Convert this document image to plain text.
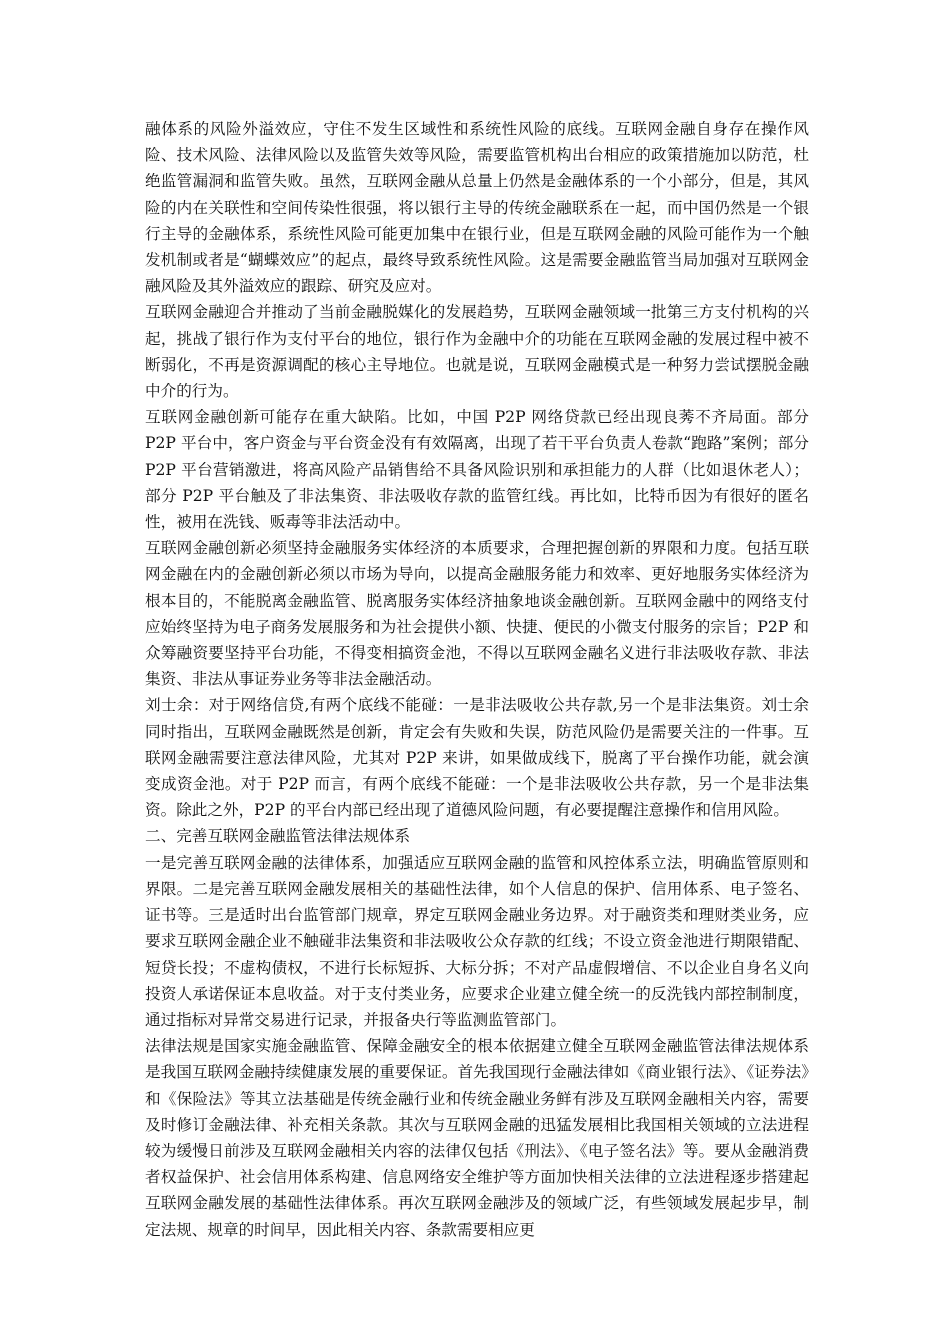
融体系的风险外溢效应，守住不发生区域性和系统性风险的底线。互联网金融自身存在操作风险、技术风险、法律风险以及监管失效等风险，需要监管机构出台相应的政策措施加以防范，杜绝监管漏洞和监管失败。虽然，互联网金融从总量上仍然是金融体系的一个小部分，但是，其风险的内在关联性和空间传染性很强，将以银行主导的传统金融联系在一起，而中国仍然是一个银行主导的金融体系，系统性风险可能更加集中在银行业，但是互联网金融的风险可能作为一个触发机制或者是“蝴蝶效应”的起点，最终导致系统性风险。这是需要金融监管当局加强对互联网金融风险及其外溢效应的跟踪、研究及应对。

互联网金融迎合并推动了当前金融脱媒化的发展趋势，互联网金融领域一批第三方支付机构的兴起，挑战了银行作为支付平台的地位，银行作为金融中介的功能在互联网金融的发展过程中被不断弱化，不再是资源调配的核心主导地位。也就是说，互联网金融模式是一种努力尝试摆脱金融中介的行为。

互联网金融创新可能存在重大缺陷。比如，中国 P2P 网络贷款已经出现良莠不齐局面。部分 P2P 平台中，客户资金与平台资金没有有效隔离，出现了若干平台负责人卷款“跑路”案例；部分 P2P 平台营销激进，将高风险产品销售给不具备风险识别和承担能力的人群（比如退休老人）；部分 P2P 平台触及了非法集资、非法吸收存款的监管红线。再比如，比特币因为有很好的匿名性，被用在洗钱、贩毒等非法活动中。

互联网金融创新必须坚持金融服务实体经济的本质要求，合理把握创新的界限和力度。包括互联网金融在内的金融创新必须以市场为导向，以提高金融服务能力和效率、更好地服务实体经济为根本目的，不能脱离金融监管、脱离服务实体经济抽象地谈金融创新。互联网金融中的网络支付应始终坚持为电子商务发展服务和为社会提供小额、快捷、便民的小微支付服务的宗旨；P2P 和众筹融资要坚持平台功能，不得变相搞资金池，不得以互联网金融名义进行非法吸收存款、非法集资、非法从事证券业务等非法金融活动。

刘士余：对于网络信贷,有两个底线不能碰：一是非法吸收公共存款,另一个是非法集资。刘士余同时指出，互联网金融既然是创新，肯定会有失败和失误，防范风险仍是需要关注的一件事。互联网金融需要注意法律风险，尤其对 P2P 来讲，如果做成线下，脱离了平台操作功能，就会演变成资金池。对于 P2P 而言，有两个底线不能碰：一个是非法吸收公共存款，另一个是非法集资。除此之外，P2P 的平台内部已经出现了道德风险问题，有必要提醒注意操作和信用风险。

二、完善互联网金融监管法律法规体系

一是完善互联网金融的法律体系，加强适应互联网金融的监管和风控体系立法，明确监管原则和界限。二是完善互联网金融发展相关的基础性法律，如个人信息的保护、信用体系、电子签名、证书等。三是适时出台监管部门规章，界定互联网金融业务边界。对于融资类和理财类业务，应要求互联网金融企业不触碰非法集资和非法吸收公众存款的红线；不设立资金池进行期限错配、短贷长投；不虚构债权，不进行长标短拆、大标分拆；不对产品虚假增信、不以企业自身名义向投资人承诺保证本息收益。对于支付类业务，应要求企业建立健全统一的反洗钱内部控制制度，通过指标对异常交易进行记录，并报备央行等监测监管部门。

法律法规是国家实施金融监管、保障金融安全的根本依据建立健全互联网金融监管法律法规体系是我国互联网金融持续健康发展的重要保证。首先我国现行金融法律如《商业银行法》、《证券法》和《保险法》等其立法基础是传统金融行业和传统金融业务鲜有涉及互联网金融相关内容，需要及时修订金融法律、补充相关条款。其次与互联网金融的迅猛发展相比我国相关领域的立法进程较为缓慢日前涉及互联网金融相关内容的法律仅包括《刑法》、《电子签名法》等。要从金融消费者权益保护、社会信用体系构建、信息网络安全维护等方面加快相关法律的立法进程逐步搭建起互联网金融发展的基础性法律体系。再次互联网金融涉及的领域广泛，有些领域发展起步早，制定法规、规章的时间早，因此相关内容、条款需要相应更
